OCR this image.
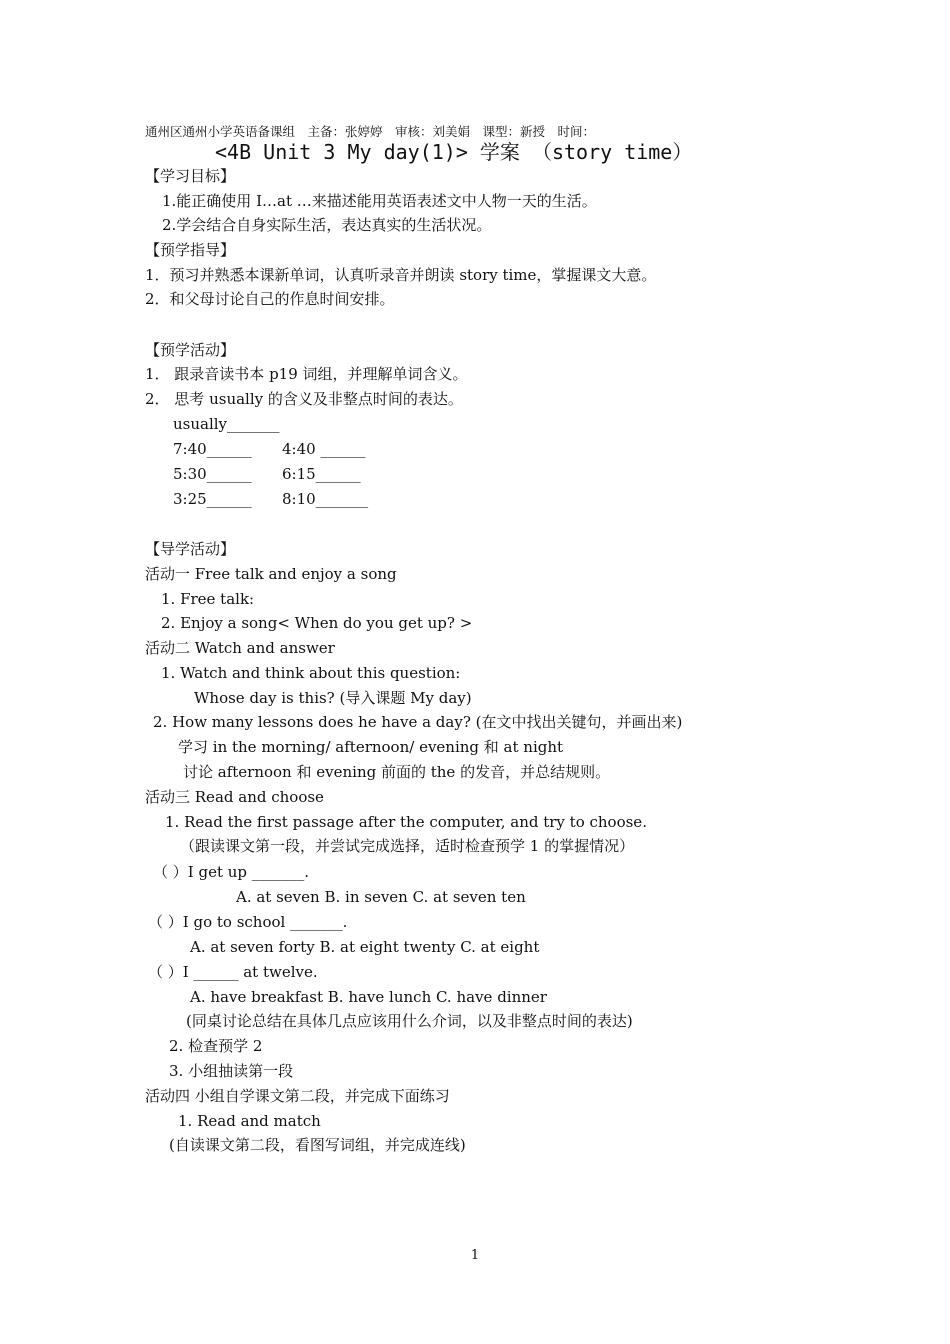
通州区通州小学英语备课组　主备：张婷婷　审核：刘美娟　课型：新授　时间：
<4B Unit 3 My day(1)> 学案 （story time）
【学习目标】
1.能正确使用 I…at …来描述能用英语表述文中人物一天的生活。
2.学会结合自身实际生活，表达真实的生活状况。
【预学指导】
1．预习并熟悉本课新单词，认真听录音并朗读 story time，掌握课文大意。
2．和父母讨论自己的作息时间安排。
【预学活动】
1． 跟录音读书本 p19 词组，并理解单词含义。
2． 思考 usually 的含义及非整点时间的表达。
usually_______
7:40______ 4:40 ______
5:30______ 6:15______
3:25______ 8:10_______
【导学活动】
活动一 Free talk and enjoy a song
1. Free talk:
2. Enjoy a song< When do you get up? >
活动二 Watch and answer
1. Watch and think about this question:
Whose day is this? (导入课题 My day)
2. How many lessons does he have a day? (在文中找出关键句，并画出来)
学习 in the morning/ afternoon/ evening 和 at night
讨论 afternoon 和 evening 前面的 the 的发音，并总结规则。
活动三 Read and choose
1. Read the first passage after the computer, and try to choose.
（跟读课文第一段，并尝试完成选择，适时检查预学 1 的掌握情况）
（ ）I get up _______.
A. at seven B. in seven C. at seven ten
（ ）I go to school _______.
A. at seven forty B. at eight twenty C. at eight
（ ）I ______ at twelve.
A. have breakfast B. have lunch C. have dinner
(同桌讨论总结在具体几点应该用什么介词，以及非整点时间的表达)
2. 检查预学 2
3. 小组抽读第一段
活动四 小组自学课文第二段，并完成下面练习
1. Read and match
(自读课文第二段，看图写词组，并完成连线)
1
